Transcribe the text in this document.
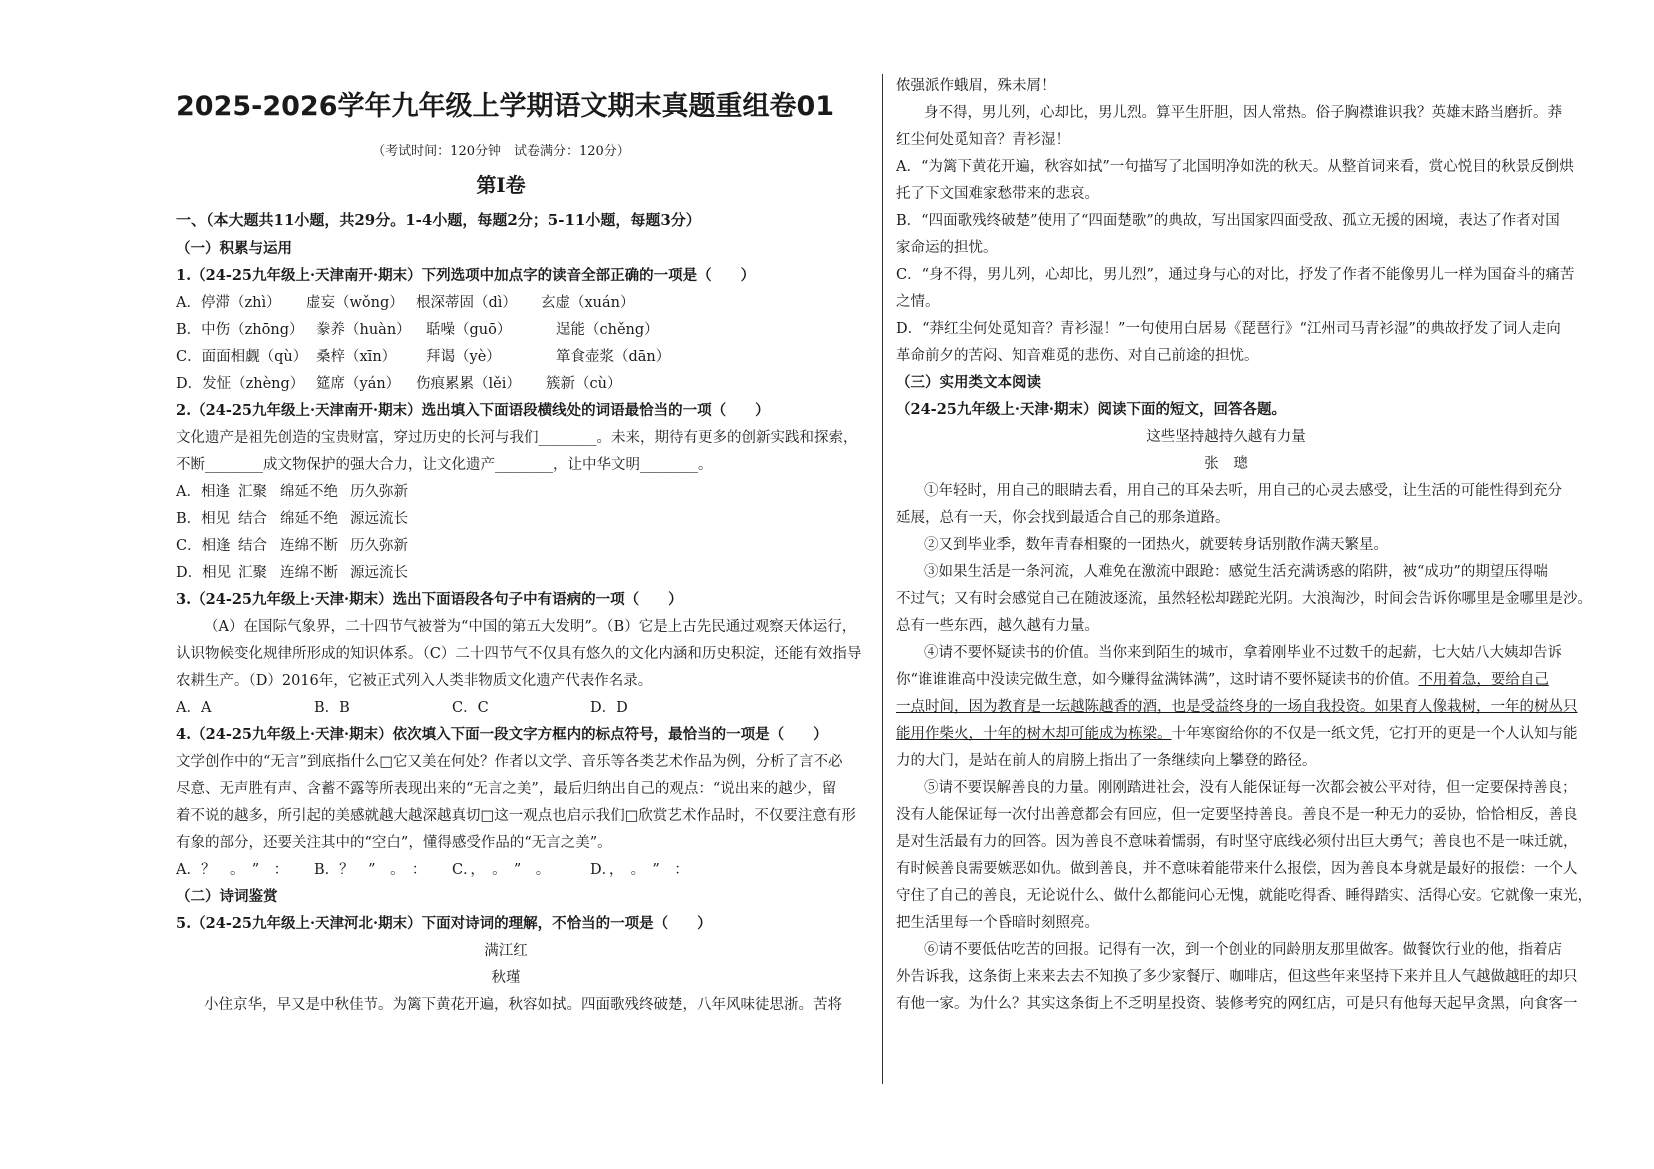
2025-2026学年九年级上学期语文期末真题重组卷01
（考试时间：120分钟　试卷满分：120分）
第Ⅰ卷
一、（本大题共11小题，共29分。1-4小题，每题2分；5-11小题，每题3分）
（一）积累与运用
1.（24-25九年级上·天津南开·期末）下列选项中加点字的读音全部正确的一项是（　　）
A．停滞（zhì） 虚妄（wǒng） 根深蒂固（dì） 玄虚（xuán）
B．中伤（zhōng） 豢养（huàn） 聒噪（guō）	逞能（chěng）
C．面面相觑（qù） 桑梓（xīn） 拜谒（yè）	箪食壶浆（dān）
D．发怔（zhèng） 筵席（yán） 伤痕累累（lěi） 簇新（cù）
2.（24-25九年级上·天津南开·期末）选出填入下面语段横线处的词语最恰当的一项（　　）
文化遗产是祖先创造的宝贵财富，穿过历史的长河与我们________。未来，期待有更多的创新实践和探索，
不断________成文物保护的强大合力，让文化遗产________，让中华文明________。
A．相逢 汇聚 绵延不绝 历久弥新
B．相见 结合 绵延不绝 源远流长
C．相逢 结合 连绵不断 历久弥新
D．相见 汇聚 连绵不断 源远流长
3.（24-25九年级上·天津·期末）选出下面语段各句子中有语病的一项（　　）
（A）在国际气象界，二十四节气被誉为“中国的第五大发明”。（B）它是上古先民通过观察天体运行，
认识物候变化规律所形成的知识体系。（C）二十四节气不仅具有悠久的文化内涵和历史积淀，还能有效指导
农耕生产。（D）2016年，它被正式列入人类非物质文化遗产代表作名录。
A．A	B．B	C．C	D．D
4.（24-25九年级上·天津·期末）依次填入下面一段文字方框内的标点符号，最恰当的一项是（　　）
文学创作中的“无言”到底指什么□它又美在何处？作者以文学、音乐等各类艺术作品为例，分析了言不必
尽意、无声胜有声、含蓄不露等所表现出来的“无言之美”，最后归纳出自己的观点：“说出来的越少，留
着不说的越多，所引起的美感就越大越深越真切□这一观点也启示我们□欣赏艺术作品时，不仅要注意有形
有象的部分，还要关注其中的“空白”，懂得感受作品的“无言之美”。
A．？　。　”　： B．？　”　。　： C．，　。　”　。	D．，　。　”　：
（二）诗词鉴赏
5.（24-25九年级上·天津河北·期末）下面对诗词的理解，不恰当的一项是（　　）
满江红
秋瑾
小住京华，早又是中秋佳节。为篱下黄花开遍，秋容如拭。四面歌残终破楚，八年风味徒思浙。苦将
侬强派作蛾眉，殊未屑！
身不得，男儿列，心却比，男儿烈。算平生肝胆，因人常热。俗子胸襟谁识我？英雄末路当磨折。莽
红尘何处觅知音？青衫湿！
A．“为篱下黄花开遍，秋容如拭”一句描写了北国明净如洗的秋天。从整首词来看，赏心悦目的秋景反倒烘
托了下文国难家愁带来的悲哀。
B．“四面歌残终破楚”使用了“四面楚歌”的典故，写出国家四面受敌、孤立无援的困境，表达了作者对国
家命运的担忧。
C．“身不得，男儿列，心却比，男儿烈”，通过身与心的对比，抒发了作者不能像男儿一样为国奋斗的痛苦
之情。
D．“莽红尘何处觅知音？青衫湿！”一句使用白居易《琵琶行》“江州司马青衫湿”的典故抒发了词人走向
革命前夕的苦闷、知音难觅的悲伤、对自己前途的担忧。
（三）实用类文本阅读
（24-25九年级上·天津·期末）阅读下面的短文，回答各题。
这些坚持越持久越有力量
张　璁
①年轻时，用自己的眼睛去看，用自己的耳朵去听，用自己的心灵去感受，让生活的可能性得到充分
延展，总有一天，你会找到最适合自己的那条道路。
②又到毕业季，数年青春相聚的一团热火，就要转身话别散作满天繁星。
③如果生活是一条河流，人难免在激流中跟跄：感觉生活充满诱惑的陷阱，被“成功”的期望压得喘
不过气；又有时会感觉自己在随波逐流，虽然轻松却蹉跎光阴。大浪淘沙，时间会告诉你哪里是金哪里是沙。
总有一些东西，越久越有力量。
④请不要怀疑读书的价值。当你来到陌生的城市，拿着刚毕业不过数千的起薪，七大姑八大姨却告诉
你“谁谁谁高中没读完做生意，如今赚得盆满钵满”，这时请不要怀疑读书的价值。不用着急，要给自己
一点时间，因为教育是一坛越陈越香的酒，也是受益终身的一场自我投资。如果育人像栽树，一年的树丛只
能用作柴火，十年的树木却可能成为栋梁。十年寒窗给你的不仅是一纸文凭，它打开的更是一个人认知与能
力的大门，是站在前人的肩膀上指出了一条继续向上攀登的路径。
⑤请不要误解善良的力量。刚刚踏进社会，没有人能保证每一次都会被公平对待，但一定要保持善良；
没有人能保证每一次付出善意都会有回应，但一定要坚持善良。善良不是一种无力的妥协，恰恰相反，善良
是对生活最有力的回答。因为善良不意味着懦弱，有时坚守底线必须付出巨大勇气；善良也不是一味迁就，
有时候善良需要嫉恶如仇。做到善良，并不意味着能带来什么报偿，因为善良本身就是最好的报偿：一个人
守住了自己的善良，无论说什么、做什么都能问心无愧，就能吃得香、睡得踏实、活得心安。它就像一束光，
把生活里每一个昏暗时刻照亮。
⑥请不要低估吃苦的回报。记得有一次，到一个创业的同龄朋友那里做客。做餐饮行业的他，指着店
外告诉我，这条街上来来去去不知换了多少家餐厅、咖啡店，但这些年来坚持下来并且人气越做越旺的却只
有他一家。为什么？其实这条街上不乏明星投资、装修考究的网红店，可是只有他每天起早贪黑，向食客一
